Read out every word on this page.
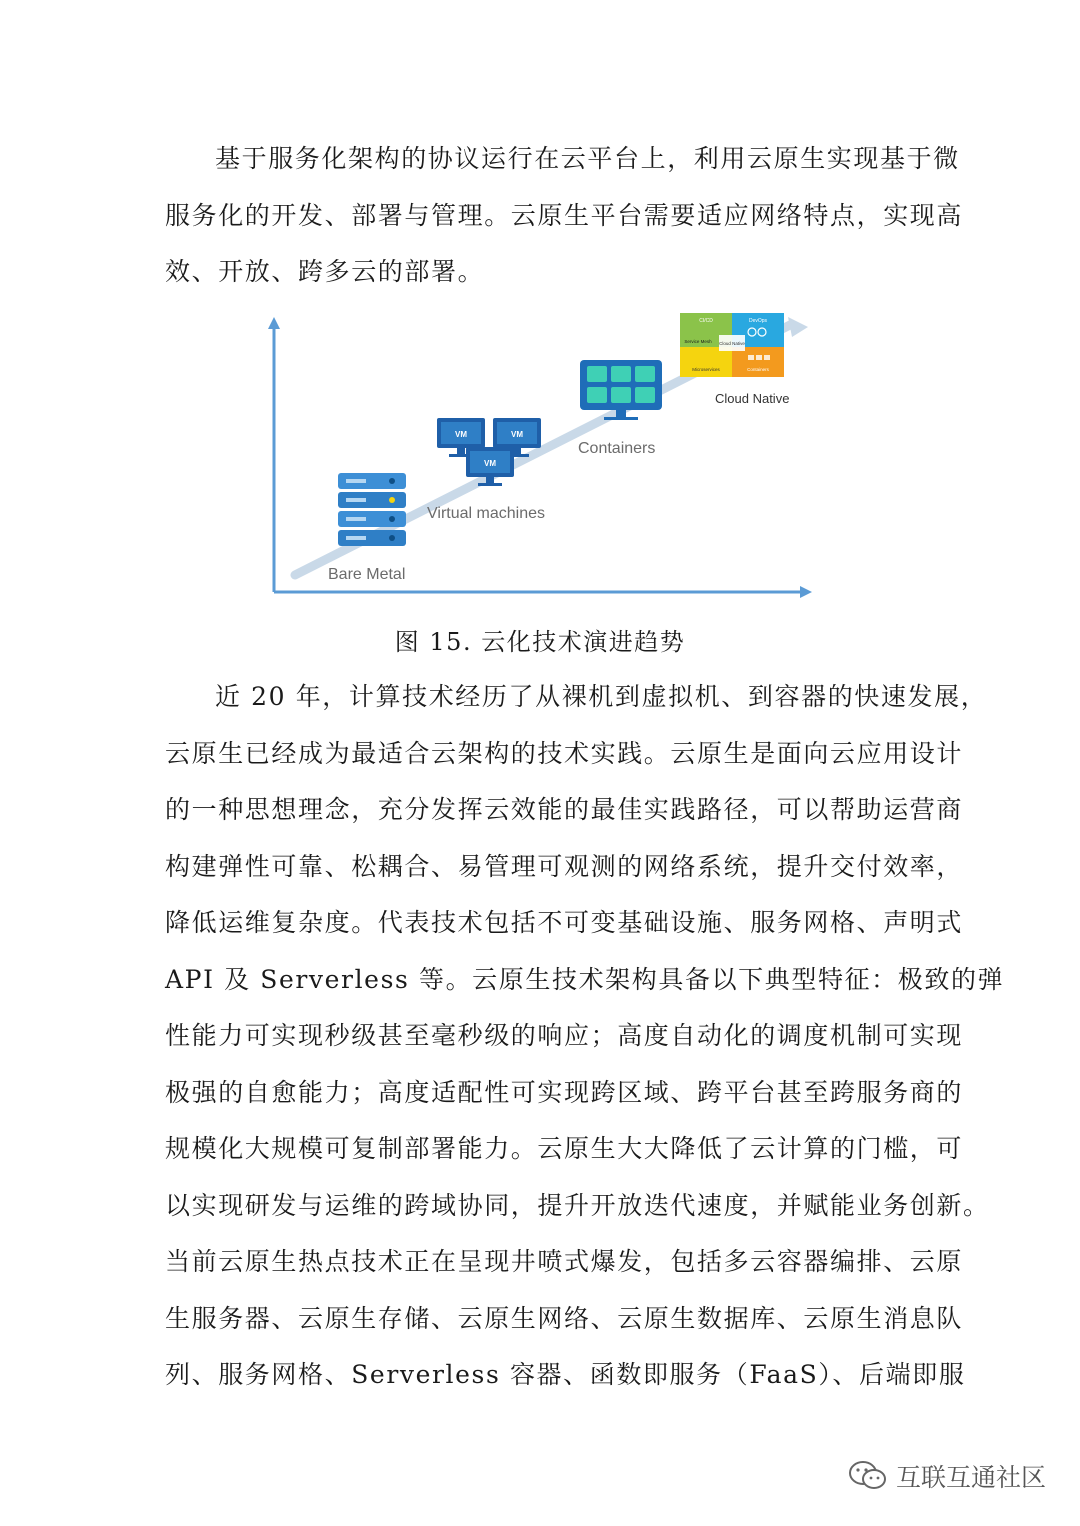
基于服务化架构的协议运行在云平台上，利用云原生实现基于微
服务化的开发、部署与管理。云原生平台需要适应网络特点，实现高
效、开放、跨多云的部署。
Bare Metal
VM	VM
VM
Virtual machines
Containers
CI/CD	DevOps
Service Mesh Cloud Native
Microservices	Containers
Cloud Native
图 15. 云化技术演进趋势
近 20 年，计算技术经历了从裸机到虚拟机、到容器的快速发展，
云原生已经成为最适合云架构的技术实践。云原生是面向云应用设计
的一种思想理念，充分发挥云效能的最佳实践路径，可以帮助运营商
构建弹性可靠、松耦合、易管理可观测的网络系统，提升交付效率，
降低运维复杂度。代表技术包括不可变基础设施、服务网格、声明式
API 及 Serverless 等。云原生技术架构具备以下典型特征：极致的弹
性能力可实现秒级甚至毫秒级的响应；高度自动化的调度机制可实现
极强的自愈能力；高度适配性可实现跨区域、跨平台甚至跨服务商的
规模化大规模可复制部署能力。云原生大大降低了云计算的门槛，可
以实现研发与运维的跨域协同，提升开放迭代速度，并赋能业务创新。
当前云原生热点技术正在呈现井喷式爆发，包括多云容器编排、云原
生服务器、云原生存储、云原生网络、云原生数据库、云原生消息队
列、服务网格、Serverless 容器、函数即服务（FaaS）、后端即服
互联互通社区
